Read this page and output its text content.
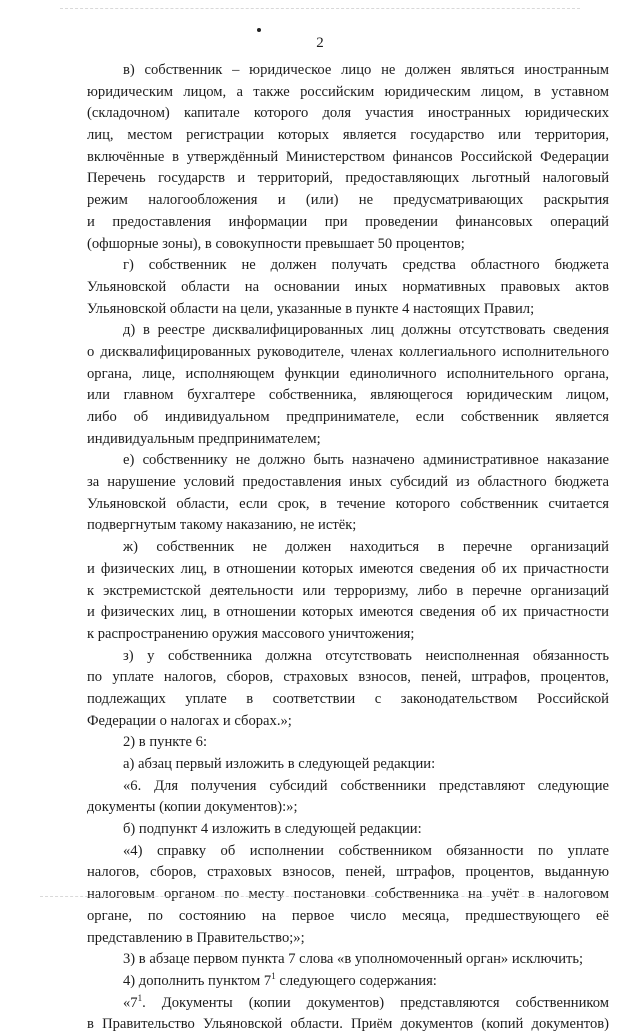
2
в) собственник – юридическое лицо не должен являться иностранным
юридическим лицом, а также российским юридическим лицом, в уставном
(складочном) капитале которого доля участия иностранных юридических
лиц, местом регистрации которых является государство или территория,
включённые в утверждённый Министерством финансов Российской Федерации
Перечень государств и территорий, предоставляющих льготный налоговый
режим налогообложения и (или) не предусматривающих раскрытия
и предоставления информации при проведении финансовых операций
(офшорные зоны), в совокупности превышает 50 процентов;
г) собственник не должен получать средства областного бюджета
Ульяновской области на основании иных нормативных правовых актов
Ульяновской области на цели, указанные в пункте 4 настоящих Правил;
д) в реестре дисквалифицированных лиц должны отсутствовать сведения
о дисквалифицированных руководителе, членах коллегиального исполнительного
органа, лице, исполняющем функции единоличного исполнительного органа,
или главном бухгалтере собственника, являющегося юридическим лицом,
либо об индивидуальном предпринимателе, если собственник является
индивидуальным предпринимателем;
е) собственнику не должно быть назначено административное наказание
за нарушение условий предоставления иных субсидий из областного бюджета
Ульяновской области, если срок, в течение которого собственник считается
подвергнутым такому наказанию, не истёк;
ж) собственник не должен находиться в перечне организаций
и физических лиц, в отношении которых имеются сведения об их причастности
к экстремистской деятельности или терроризму, либо в перечне организаций
и физических лиц, в отношении которых имеются сведения об их причастности
к распространению оружия массового уничтожения;
з) у собственника должна отсутствовать неисполненная обязанность
по уплате налогов, сборов, страховых взносов, пеней, штрафов, процентов,
подлежащих уплате в соответствии с законодательством Российской
Федерации о налогах и сборах.»;
2) в пункте 6:
а) абзац первый изложить в следующей редакции:
«6. Для получения субсидий собственники представляют следующие
документы (копии документов):»;
б) подпункт 4 изложить в следующей редакции:
«4) справку об исполнении собственником обязанности по уплате
налогов, сборов, страховых взносов, пеней, штрафов, процентов, выданную
налоговым органом по месту постановки собственника на учёт в налоговом
органе, по состоянию на первое число месяца, предшествующего её
представлению в Правительство;»;
3) в абзаце первом пункта 7 слова «в уполномоченный орган» исключить;
4) дополнить пунктом $7^1$ следующего содержания:
«$7^1$. Документы (копии документов) представляются собственником
в Правительство Ульяновской области. Приём документов (копий документов)
